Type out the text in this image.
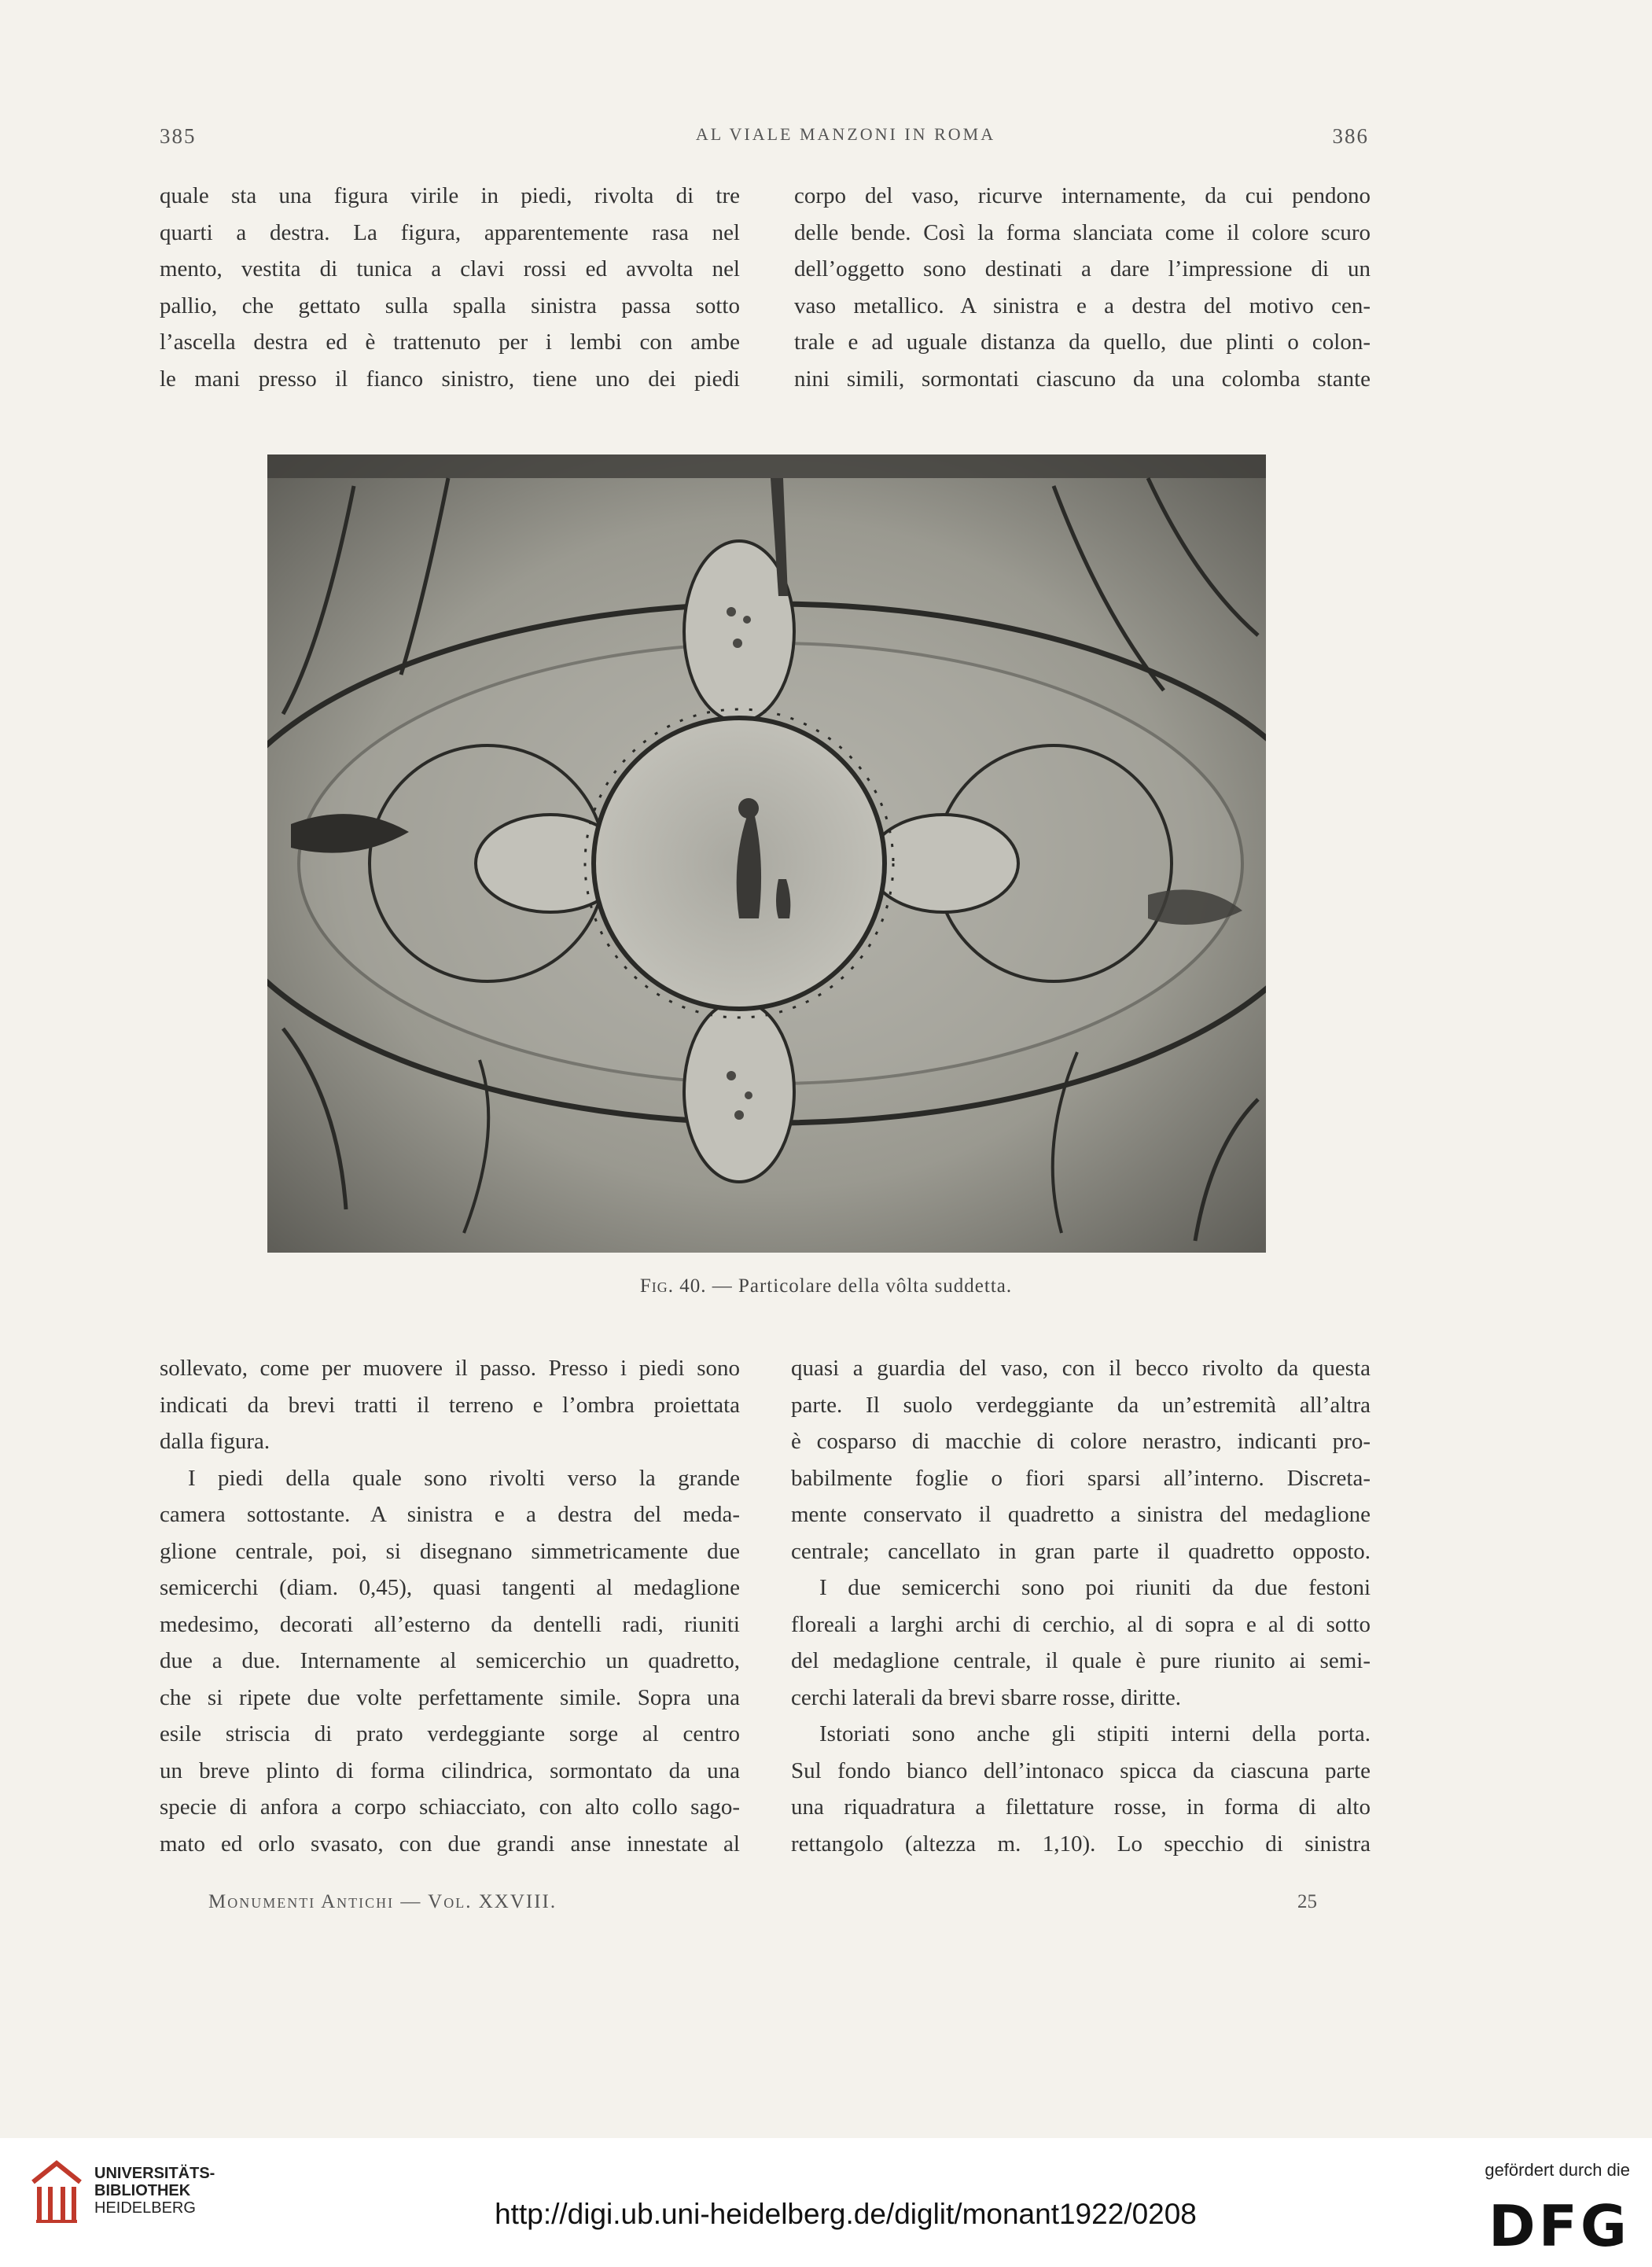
385	AL VIALE MANZONI IN ROMA	386
quale sta una figura virile in piedi, rivolta di tre
quarti a destra. La figura, apparentemente rasa nel
mento, vestita di tunica a clavi rossi ed avvolta nel
pallio, che gettato sulla spalla sinistra passa sotto
l’ascella destra ed è trattenuto per i lembi con ambe
le mani presso il fianco sinistro, tiene uno dei piedi
corpo del vaso, ricurve internamente, da cui pendono
delle bende. Così la forma slanciata come il colore scuro
dell’oggetto sono destinati a dare l’impressione di un
vaso metallico. A sinistra e a destra del motivo cen-
trale e ad uguale distanza da quello, due plinti o colon-
nini simili, sormontati ciascuno da una colomba stante
Fig. 40. — Particolare della vôlta suddetta.
sollevato, come per muovere il passo. Presso i piedi sono
indicati da brevi tratti il terreno e l’ombra proiettata
dalla figura.
I piedi della quale sono rivolti verso la grande
camera sottostante. A sinistra e a destra del meda-
glione centrale, poi, si disegnano simmetricamente due
semicerchi (diam. 0,45), quasi tangenti al medaglione
medesimo, decorati all’esterno da dentelli radi, riuniti
due a due. Internamente al semicerchio un quadretto,
che si ripete due volte perfettamente simile. Sopra una
esile striscia di prato verdeggiante sorge al centro
un breve plinto di forma cilindrica, sormontato da una
specie di anfora a corpo schiacciato, con alto collo sago-
mato ed orlo svasato, con due grandi anse innestate al
quasi a guardia del vaso, con il becco rivolto da questa
parte. Il suolo verdeggiante da un’estremità all’altra
è cosparso di macchie di colore nerastro, indicanti pro-
babilmente foglie o fiori sparsi all’interno. Discreta-
mente conservato il quadretto a sinistra del medaglione
centrale; cancellato in gran parte il quadretto opposto.
I due semicerchi sono poi riuniti da due festoni
floreali a larghi archi di cerchio, al di sopra e al di sotto
del medaglione centrale, il quale è pure riunito ai semi-
cerchi laterali da brevi sbarre rosse, diritte.
Istoriati sono anche gli stipiti interni della porta.
Sul fondo bianco dell’intonaco spicca da ciascuna parte
una riquadratura a filettature rosse, in forma di alto
rettangolo (altezza m. 1,10). Lo specchio di sinistra
Monumenti Antichi — Vol. XXVIII.	25
UNIVERSITÄTS-
BIBLIOTHEK
HEIDELBERG	http://digi.ub.uni-heidelberg.de/diglit/monant1922/0208
gefördert durch die
DFG
